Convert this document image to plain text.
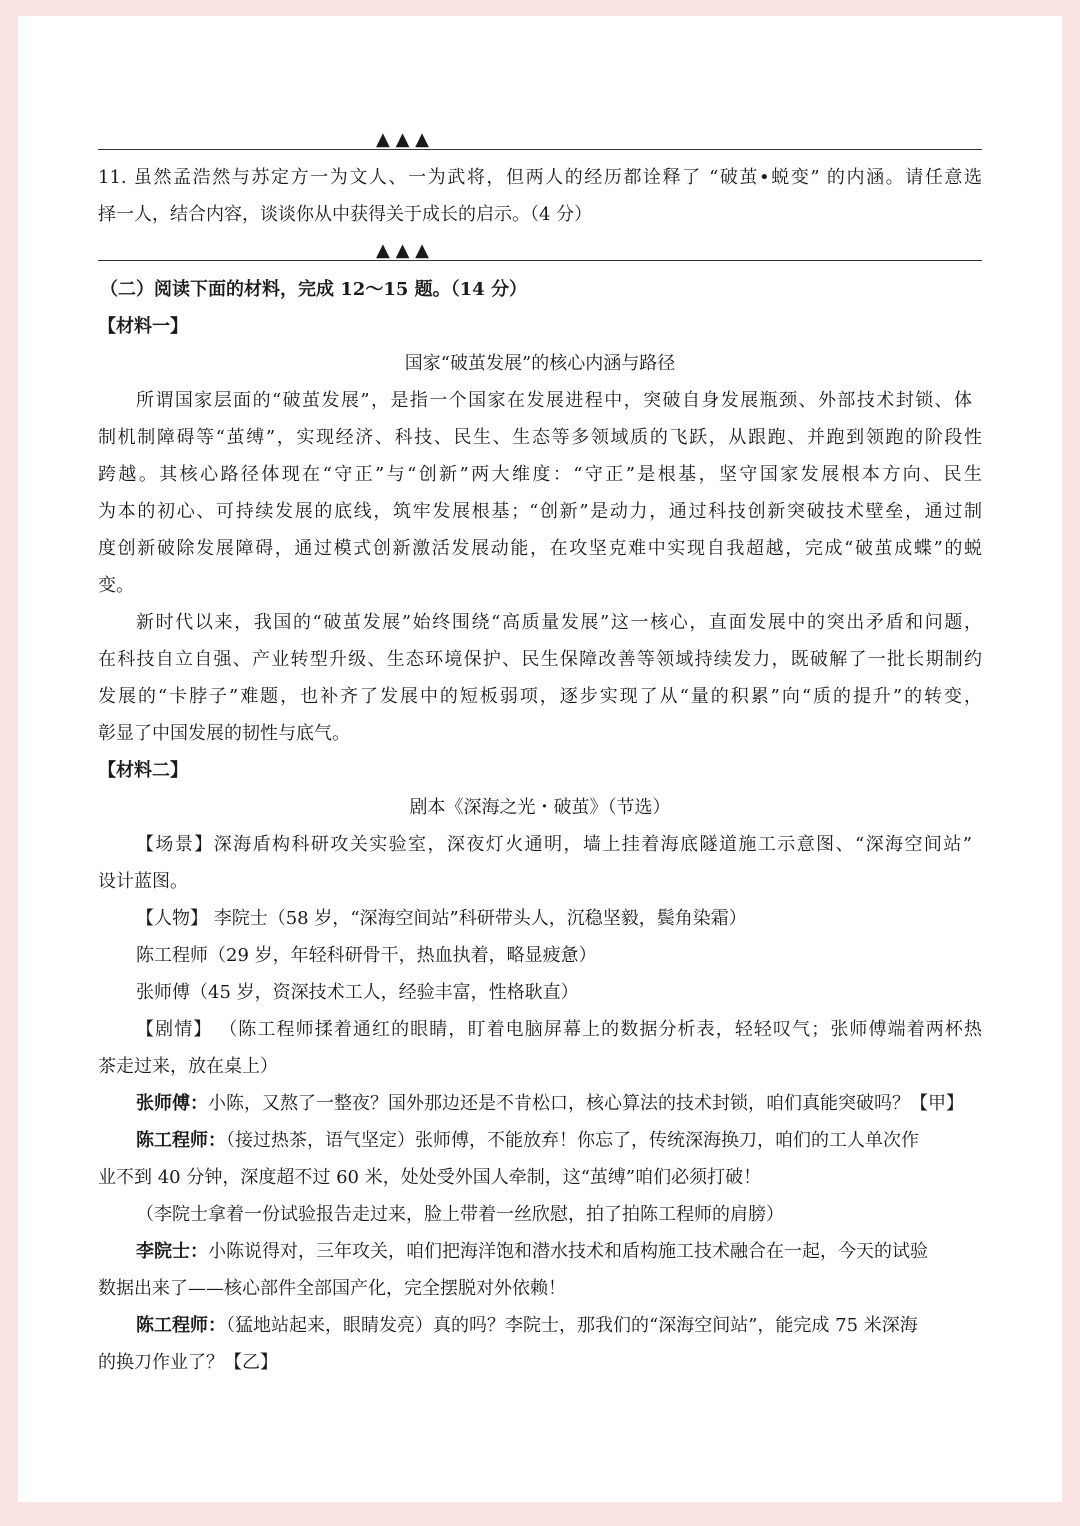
▲ ▲ ▲
11. 虽然孟浩然与苏定方一为文人、一为武将，但两人的经历都诠释了 “破茧•蜕变” 的内涵。请任意选
择一人，结合内容，谈谈你从中获得关于成长的启示。（4 分）
▲ ▲ ▲
（二）阅读下面的材料，完成 12～15 题。（14 分）
【材料一】
国家“破茧发展”的核心内涵与路径
所谓国家层面的“破茧发展”，是指一个国家在发展进程中，突破自身发展瓶颈、外部技术封锁、体
制机制障碍等“茧缚”，实现经济、科技、民生、生态等多领域质的飞跃，从跟跑、并跑到领跑的阶段性
跨越。其核心路径体现在“守正”与“创新”两大维度：“守正”是根基，坚守国家发展根本方向、民生
为本的初心、可持续发展的底线，筑牢发展根基；“创新”是动力，通过科技创新突破技术壁垒，通过制
度创新破除发展障碍，通过模式创新激活发展动能，在攻坚克难中实现自我超越，完成“破茧成蝶”的蜕
变。
新时代以来，我国的“破茧发展”始终围绕“高质量发展”这一核心，直面发展中的突出矛盾和问题，
在科技自立自强、产业转型升级、生态环境保护、民生保障改善等领域持续发力，既破解了一批长期制约
发展的“卡脖子”难题，也补齐了发展中的短板弱项，逐步实现了从“量的积累”向“质的提升”的转变，
彰显了中国发展的韧性与底气。
【材料二】
剧本《深海之光・破茧》（节选）
【场景】深海盾构科研攻关实验室，深夜灯火通明，墙上挂着海底隧道施工示意图、“深海空间站”
设计蓝图。
【人物】 李院士（58 岁，“深海空间站”科研带头人，沉稳坚毅，鬓角染霜）
陈工程师（29 岁，年轻科研骨干，热血执着，略显疲惫）
张师傅（45 岁，资深技术工人，经验丰富，性格耿直）
【剧情】 （陈工程师揉着通红的眼睛，盯着电脑屏幕上的数据分析表，轻轻叹气；张师傅端着两杯热
茶走过来，放在桌上）
张师傅：小陈，又熬了一整夜？国外那边还是不肯松口，核心算法的技术封锁，咱们真能突破吗？【甲】
陈工程师：（接过热茶，语气坚定）张师傅，不能放弃！你忘了，传统深海换刀，咱们的工人单次作
业不到 40 分钟，深度超不过 60 米，处处受外国人牵制，这“茧缚”咱们必须打破！
（李院士拿着一份试验报告走过来，脸上带着一丝欣慰，拍了拍陈工程师的肩膀）
李院士：小陈说得对，三年攻关，咱们把海洋饱和潜水技术和盾构施工技术融合在一起，今天的试验
数据出来了——核心部件全部国产化，完全摆脱对外依赖！
陈工程师：（猛地站起来，眼睛发亮）真的吗？李院士，那我们的“深海空间站”，能完成 75 米深海
的换刀作业了？【乙】
